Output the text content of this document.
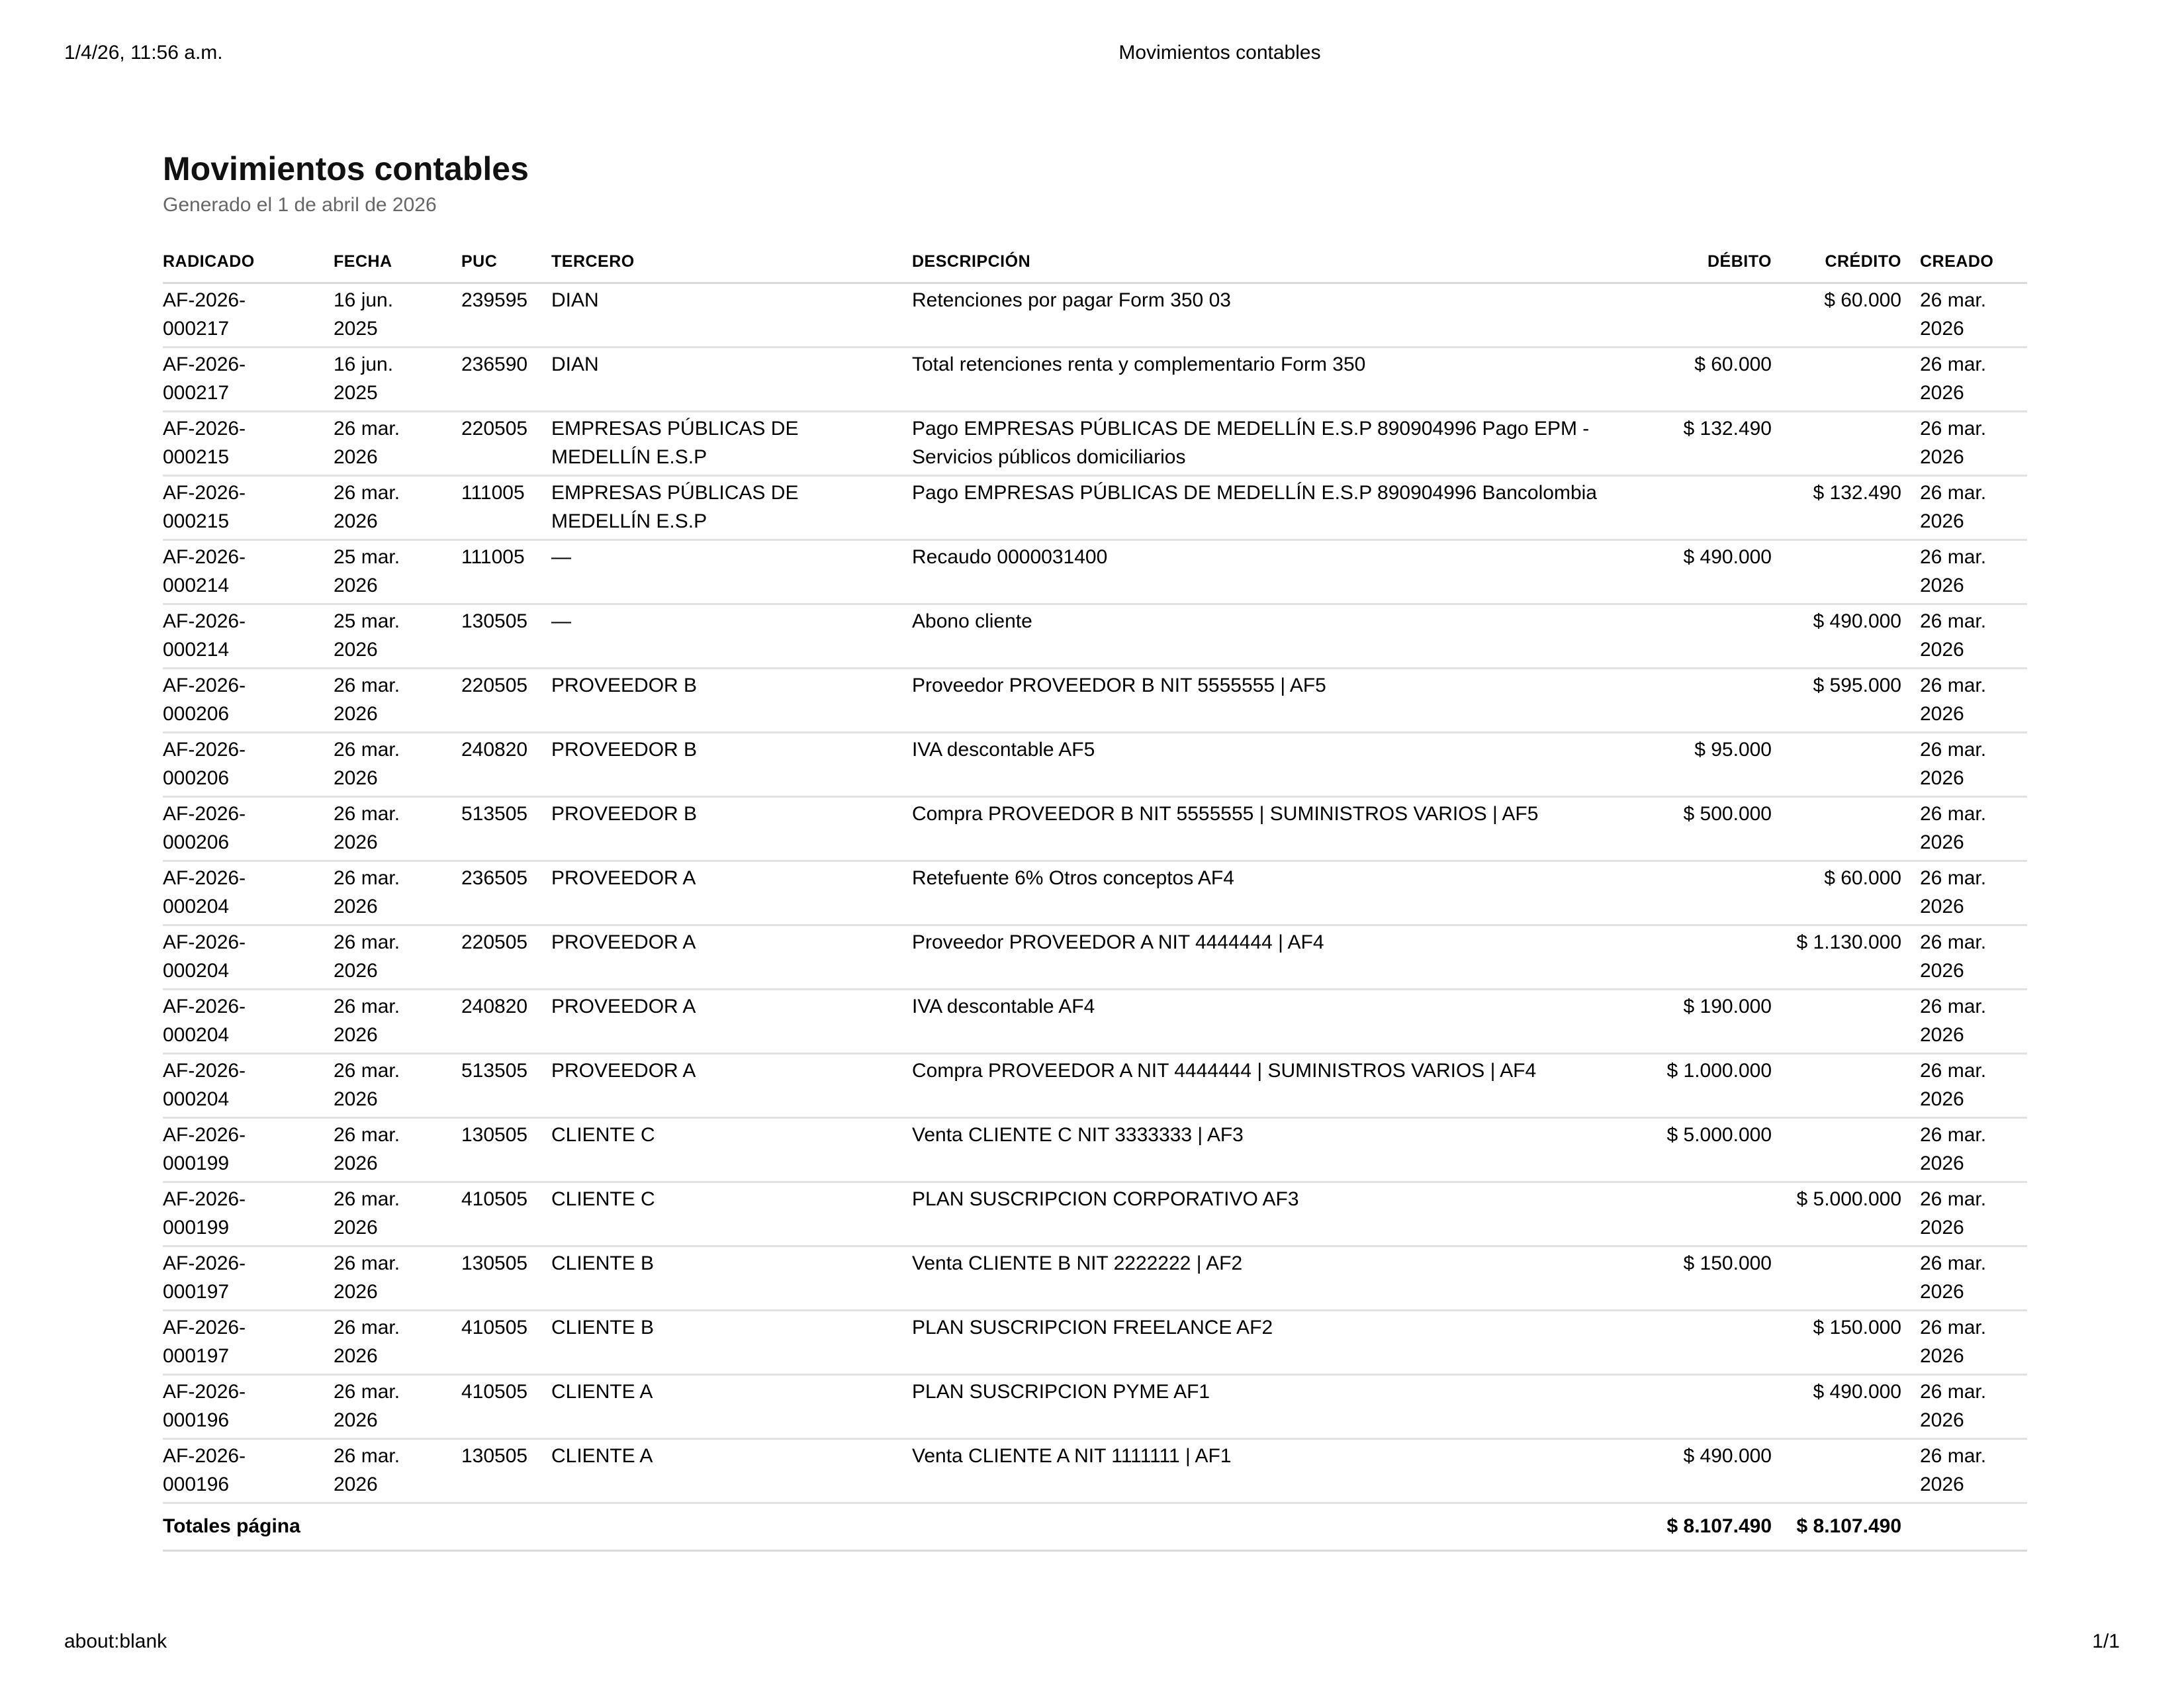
1/4/26, 11:56 a.m.	Movimientos contables
Movimientos contables

Generado el 1 de abril de 2026

RADICADO	FECHA	PUC	TERCERO	DESCRIPCIÓN	DÉBITO	CRÉDITO	CREADO
AF-2026-000217	16 jun. 2025	239595	DIAN	Retenciones por pagar Form 350 03		$ 60.000	26 mar. 2026
AF-2026-000217	16 jun. 2025	236590	DIAN	Total retenciones renta y complementario Form 350	$ 60.000		26 mar. 2026
AF-2026-000215	26 mar. 2026	220505	EMPRESAS PÚBLICAS DE MEDELLÍN E.S.P	Pago EMPRESAS PÚBLICAS DE MEDELLÍN E.S.P 890904996 Pago EPM - Servicios públicos domiciliarios	$ 132.490		26 mar. 2026
AF-2026-000215	26 mar. 2026	111005	EMPRESAS PÚBLICAS DE MEDELLÍN E.S.P	Pago EMPRESAS PÚBLICAS DE MEDELLÍN E.S.P 890904996 Bancolombia		$ 132.490	26 mar. 2026
AF-2026-000214	25 mar. 2026	111005	—	Recaudo 0000031400	$ 490.000		26 mar. 2026
AF-2026-000214	25 mar. 2026	130505	—	Abono cliente		$ 490.000	26 mar. 2026
AF-2026-000206	26 mar. 2026	220505	PROVEEDOR B	Proveedor PROVEEDOR B NIT 5555555 | AF5		$ 595.000	26 mar. 2026
AF-2026-000206	26 mar. 2026	240820	PROVEEDOR B	IVA descontable AF5	$ 95.000		26 mar. 2026
AF-2026-000206	26 mar. 2026	513505	PROVEEDOR B	Compra PROVEEDOR B NIT 5555555 | SUMINISTROS VARIOS | AF5	$ 500.000		26 mar. 2026
AF-2026-000204	26 mar. 2026	236505	PROVEEDOR A	Retefuente 6% Otros conceptos AF4		$ 60.000	26 mar. 2026
AF-2026-000204	26 mar. 2026	220505	PROVEEDOR A	Proveedor PROVEEDOR A NIT 4444444 | AF4		$ 1.130.000	26 mar. 2026
AF-2026-000204	26 mar. 2026	240820	PROVEEDOR A	IVA descontable AF4	$ 190.000		26 mar. 2026
AF-2026-000204	26 mar. 2026	513505	PROVEEDOR A	Compra PROVEEDOR A NIT 4444444 | SUMINISTROS VARIOS | AF4	$ 1.000.000		26 mar. 2026
AF-2026-000199	26 mar. 2026	130505	CLIENTE C	Venta CLIENTE C NIT 3333333 | AF3	$ 5.000.000		26 mar. 2026
AF-2026-000199	26 mar. 2026	410505	CLIENTE C	PLAN SUSCRIPCION CORPORATIVO AF3		$ 5.000.000	26 mar. 2026
AF-2026-000197	26 mar. 2026	130505	CLIENTE B	Venta CLIENTE B NIT 2222222 | AF2	$ 150.000		26 mar. 2026
AF-2026-000197	26 mar. 2026	410505	CLIENTE B	PLAN SUSCRIPCION FREELANCE AF2		$ 150.000	26 mar. 2026
AF-2026-000196	26 mar. 2026	410505	CLIENTE A	PLAN SUSCRIPCION PYME AF1		$ 490.000	26 mar. 2026
AF-2026-000196	26 mar. 2026	130505	CLIENTE A	Venta CLIENTE A NIT 1111111 | AF1	$ 490.000		26 mar. 2026
Totales página					$ 8.107.490	$ 8.107.490	
about:blank	1/1
